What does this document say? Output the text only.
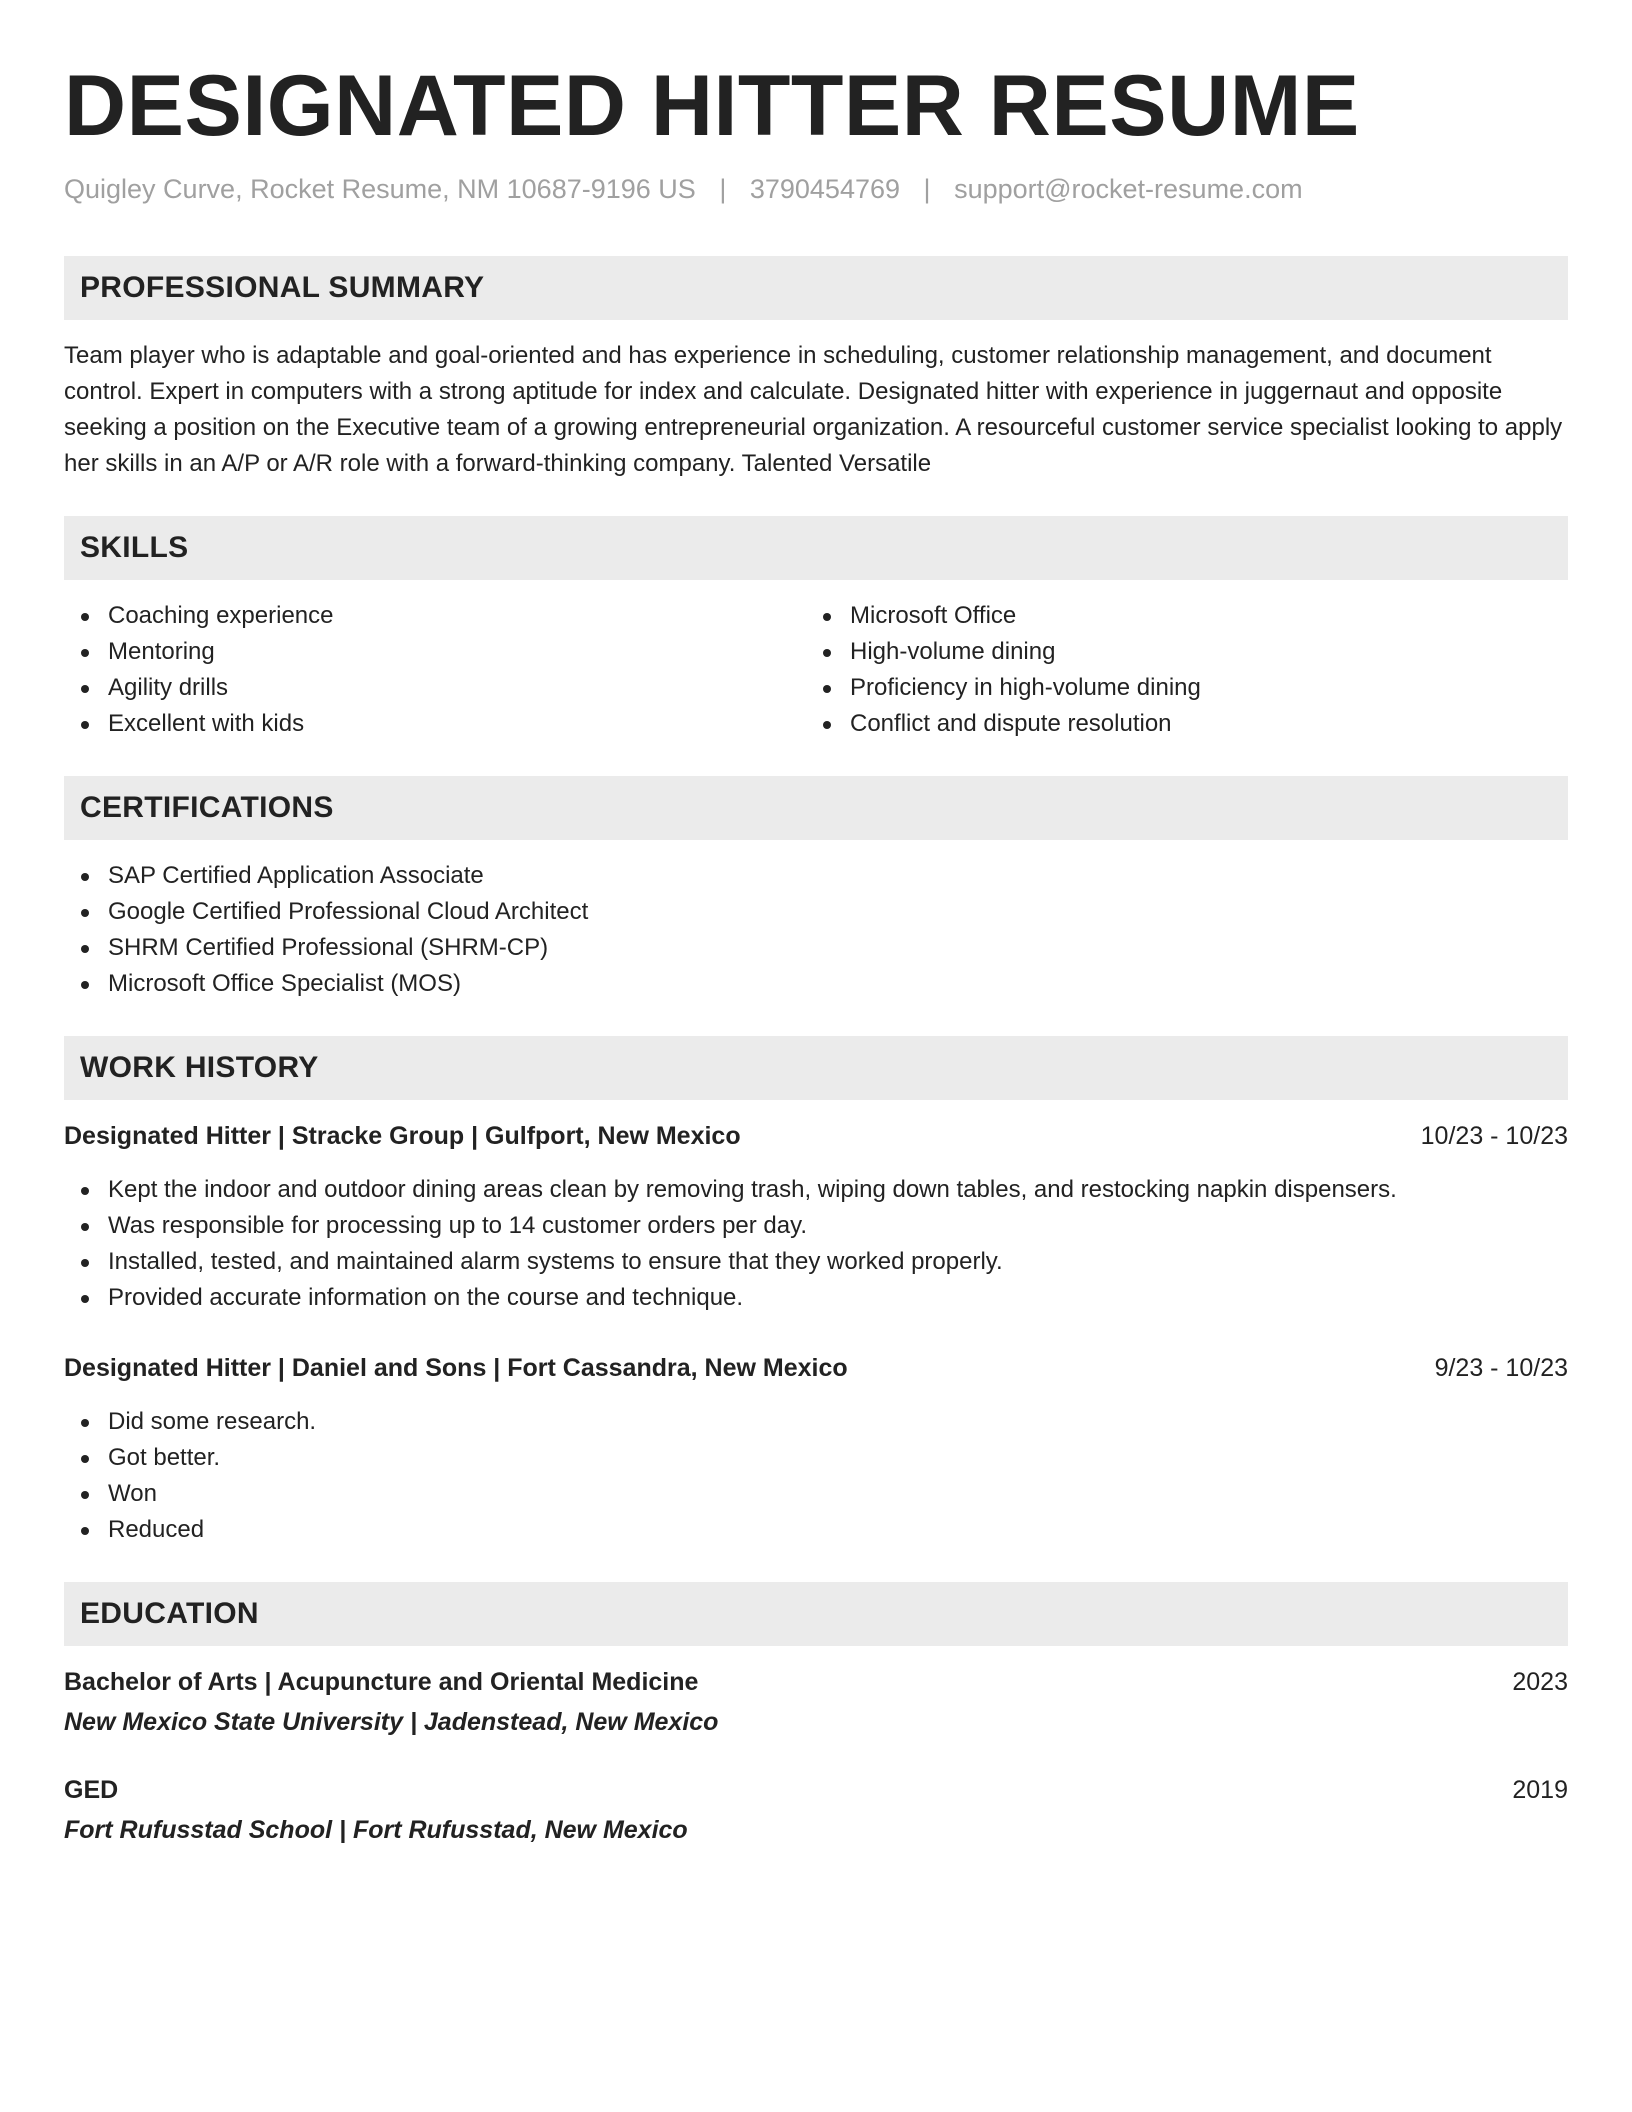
DESIGNATED HITTER RESUME
Quigley Curve, Rocket Resume, NM 10687-9196 US | 3790454769 | support@rocket-resume.com
PROFESSIONAL SUMMARY

Team player who is adaptable and goal-oriented and has experience in scheduling, customer relationship management, and document control. Expert in computers with a strong aptitude for index and calculate. Designated hitter with experience in juggernaut and opposite seeking a position on the Executive team of a growing entrepreneurial organization. A resourceful customer service specialist looking to apply her skills in an A/P or A/R role with a forward-thinking company. Talented Versatile

SKILLS
Coaching experience
Mentoring
Agility drills
Excellent with kids
Microsoft Office
High-volume dining
Proficiency in high-volume dining
Conflict and dispute resolution
CERTIFICATIONS
SAP Certified Application Associate
Google Certified Professional Cloud Architect
SHRM Certified Professional (SHRM-CP)
Microsoft Office Specialist (MOS)
WORK HISTORY
Designated Hitter | Stracke Group | Gulfport, New Mexico	10/23 - 10/23
Kept the indoor and outdoor dining areas clean by removing trash, wiping down tables, and restocking napkin dispensers.
Was responsible for processing up to 14 customer orders per day.
Installed, tested, and maintained alarm systems to ensure that they worked properly.
Provided accurate information on the course and technique.
Designated Hitter | Daniel and Sons | Fort Cassandra, New Mexico	9/23 - 10/23
Did some research.
Got better.
Won
Reduced
EDUCATION
Bachelor of Arts | Acupuncture and Oriental Medicine	2023
New Mexico State University | Jadenstead, New Mexico
GED	2019
Fort Rufusstad School | Fort Rufusstad, New Mexico
